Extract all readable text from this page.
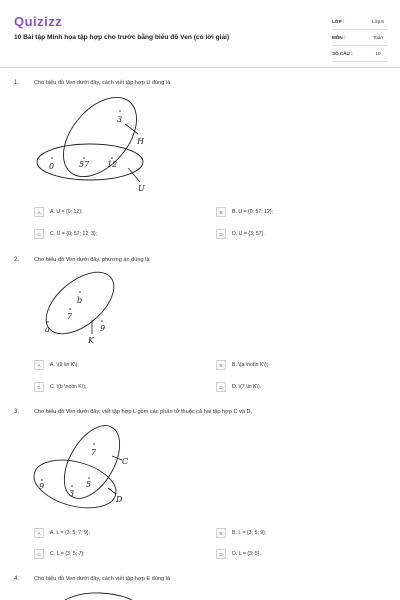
Quizizz
10 Bài tập Minh họa tập hợp cho trước bằng biểu đồ Ven (có lời giải)
LỚP :	Lớp 6
MÔN :	Toán
SỐ CÂU :	10
1.	Cho biểu đồ Ven dưới đây, cách viết tập hợp U đúng là
3
H
0	57 12
U
A	A. U = {0; 12};	B	B. U = {0; 57; 12};
C	C. U = {0; 57; 12; 3};	D	D. U = {3; 57}.
2.	Cho biểu đồ Ven dưới đây, phương án đúng là
b
7
a	9
K
A	A. \(9 \in K\);	B	B. \(a \notin K\);
C	C. \(b \notin K\);	D	D. \(7 \in K\).
3.	Cho biểu đồ Ven dưới đây, viết tập hợp L gồm các phần tử thuộc cả hai tập hợp C và D.
7
C
9	5
3
D
A	A. L = {3; 5; 7; 9};	B	B. L = {3; 5; 9};
C	C. L = {3; 5; 7};	D	D. L = {3; 5}.
4.	Cho biểu đồ Ven dưới đây, cách viết tập hợp E đúng là
